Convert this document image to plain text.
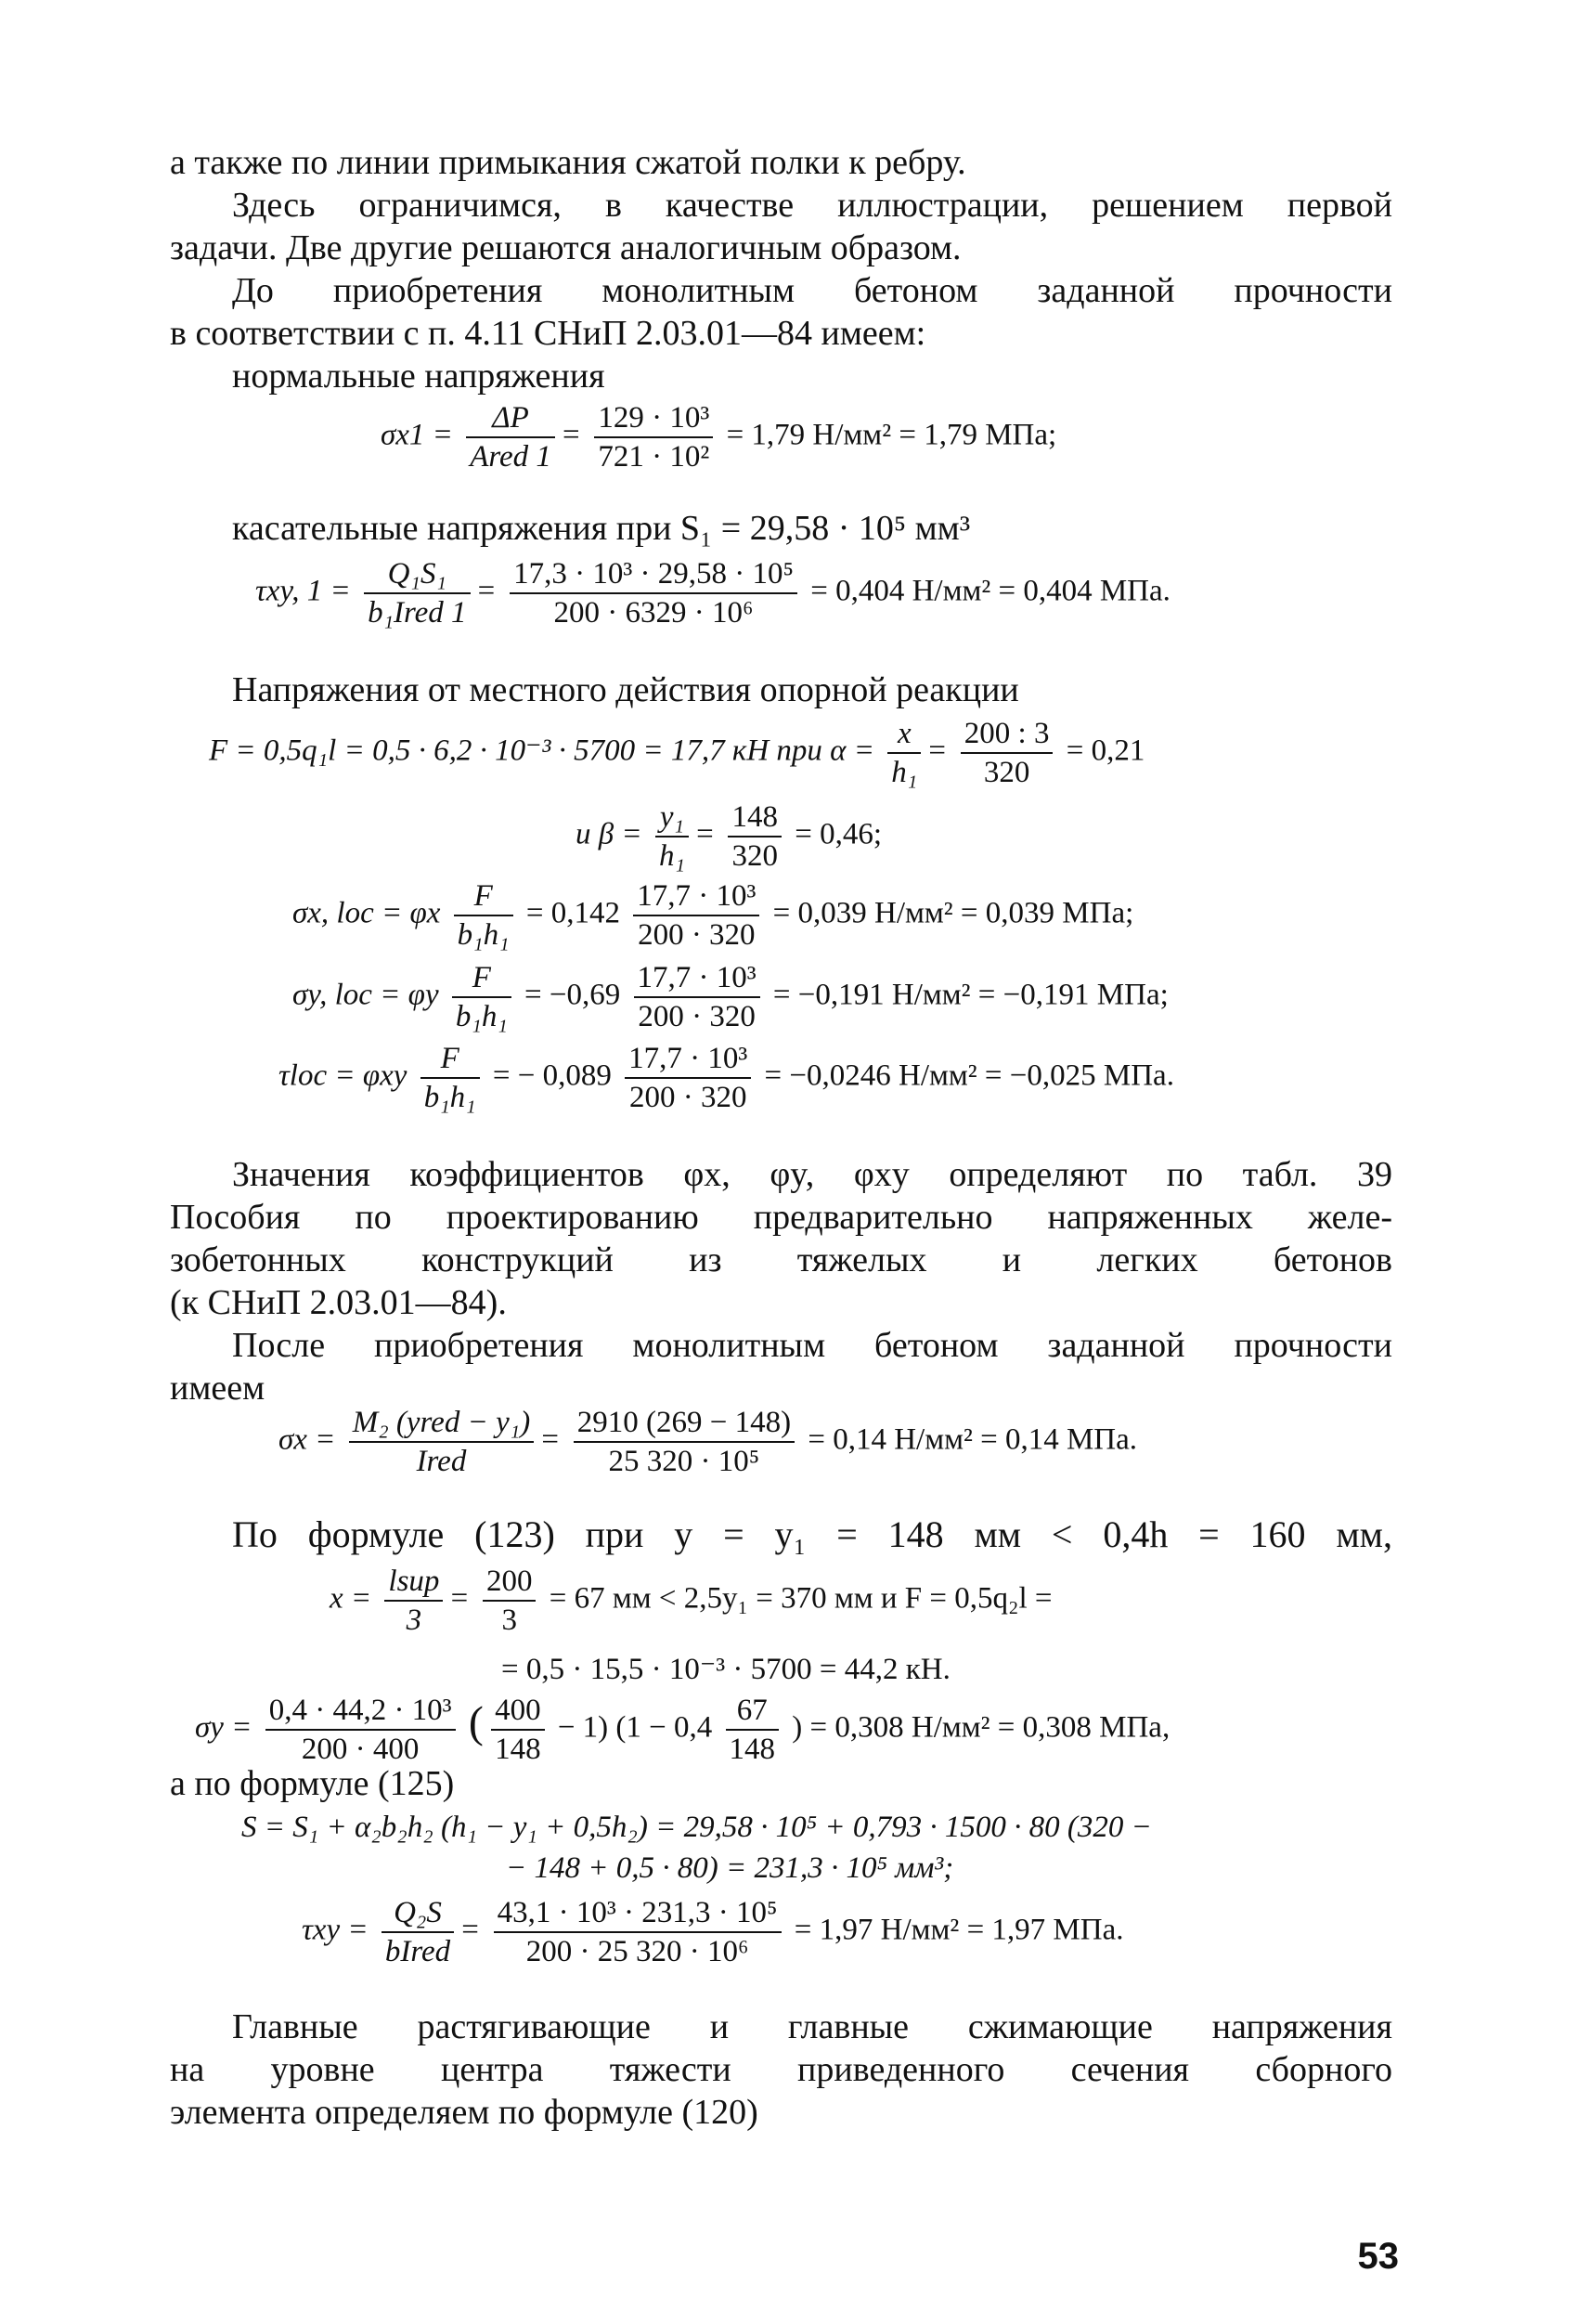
а также по линии примыкания сжатой полки к ребру.

Здесь ограничимся, в качестве иллюстрации, решением первой

задачи. Две другие решаются аналогичным образом.

До приобретения монолитным бетоном заданной прочности

в соответствии с п. 4.11 СНиП 2.03.01—84 имеем:

нормальные напряжения

$\sigma x1 = \frac{\Delta P}{\text{Ared 1}} = \frac{\text{129 · 10³}}{\text{721 · 10²}} = 1,79$ Н/мм² = 1,79 МПа;

касательные напряжения при S₁ = 29,58 · 10⁵ мм³

τxy, $1 = \frac{\text{Q₁S₁}}{\text{b₁Ired 1}} = \frac{\text{17,3 · 10³ · 29,58 · 10⁵}}{\text{200 · 6329 · 10⁶}} = 0,404$ Н/мм² = 0,404 МПа.

Напряжения от местного действия опорной реакции

F = 0,5q₁l = 0,5 · 6,2 · 10⁻³ · 5700 = 17,7 кН при $\alpha = \frac{x}{\text{h₁}} = \frac{200 : 3}{320} = 0,21$
и $\beta = \frac{\text{y₁}}{\text{h₁}} = \frac{148}{320} = 0,46$;
σx, loc = φx $\frac{F}{\text{b₁h₁}} = 0,142 \frac{\text{17,7 · 10³}}{200 \cdot 320} = 0,039$ Н/мм² = 0,039 МПа;
σy, loc = φy $\frac{F}{\text{b₁h₁}} = -0,69 \frac{\text{17,7 · 10³}}{200 \cdot 320} = -0,191$ Н/мм² = −0,191 МПа;
τloc = φxy $\frac{F}{\text{b₁h₁}}$ = − $0,089 \frac{\text{17,7 · 10³}}{200 \cdot 320} = -0,0246$ Н/мм² = −0,025 МПа.

Значения коэффициентов φx, φy, φxy определяют по табл. 39

Пособия по проектированию предварительно напряженных желе-

зобетонных конструкций из тяжелых и легких бетонов

(к СНиП 2.03.01—84).

После приобретения монолитным бетоном заданной прочности

имеем

$\sigma x = \frac{\text{M₂ (yred − y₁)}}{\text{Ired}} = \frac{2910 (269 - 148)}{\text{25 320 · 10⁵}} = 0,14$ Н/мм² = 0,14 МПа.

По формуле (123) при y = y₁ = 148 мм < 0,4h = 160 мм,

$x = \frac{\text{lsup}}{3} = \frac{200}{3} = 67$ мм < 2,5y₁ = 370 мм и F = 0,5q₂l =
= 0,5 · 15,5 · 10⁻³ · 5700 = 44,2 кН.
$\sigma y = \frac{\text{0,4 · 44,2 · 10³}}{200 \cdot 400}$ ( $\frac{400}{148} - 1$) ($1 - 0,4 \frac{67}{148}$ ) = 0,308 Н/мм² = 0,308 МПа,

а по формуле (125)

S = S₁ + α₂b₂h₂ (h₁ − y₁ + 0,5h₂) = 29,58 · 10⁵ + 0,793 · 1500 · 80 (320 −
− 148 + 0,5 · 80) = 231,3 · 10⁵ мм³;
$\tau xy = \frac{\text{Q₂S}}{\text{bIred}} = \frac{\text{43,1 · 10³ · 231,3 · 10⁵}}{\text{200 · 25 320 · 10⁶}} = 1,97$ Н/мм² = 1,97 МПа.

Главные растягивающие и главные сжимающие напряжения

на уровне центра тяжести приведенного сечения сборного

элемента определяем по формуле (120)

53
